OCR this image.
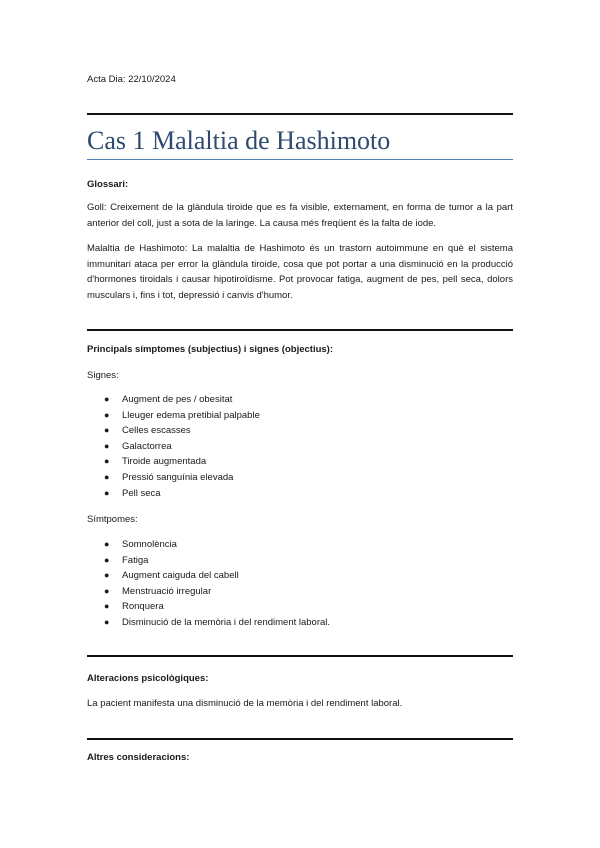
Acta Dia: 22/10/2024
Cas 1 Malaltia de Hashimoto
Glossari:
Goll: Creixement de la glàndula tiroide que es fa visible, externament, en forma de tumor a la part anterior del coll, just a sota de la laringe. La causa més freqüent és la falta de iode.
Malaltia de Hashimoto: La malaltia de Hashimoto és un trastorn autoimmune en què el sistema immunitari ataca per error la glàndula tiroide, cosa que pot portar a una disminució en la producció d'hormones tiroidals i causar hipotiroïdisme. Pot provocar fatiga, augment de pes, pell seca, dolors musculars i, fins i tot, depressió i canvis d'humor.
Principals símptomes (subjectius) i signes (objectius):
Signes:
● Augment de pes / obesitat
● Lleuger edema pretibial palpable
● Celles escasses
● Galactorrea
● Tiroide augmentada
● Pressió sanguínia elevada
● Pell seca
Símtpomes:
● Somnolència
● Fatiga
● Augment caiguda del cabell
● Menstruació irregular
● Ronquera
● Disminució de la memòria i del rendiment laboral.
Alteracions psicològiques:
La pacient manifesta una disminució de la memòria i del rendiment laboral.
Altres consideracions:
